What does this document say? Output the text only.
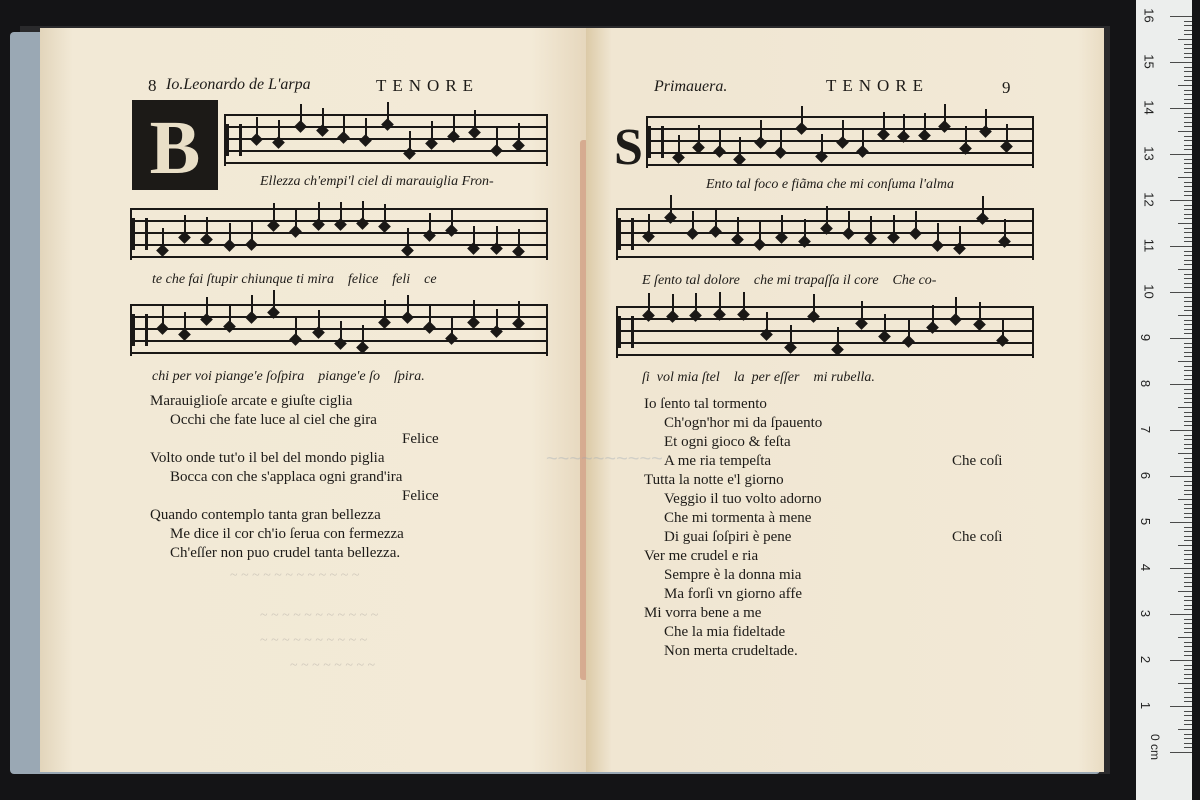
8 Io.Leonardo de L'arpa	TENORE
B	Ellezza ch'empi'l ciel di marauiglia Fron-
te che fai ſtupir chiunque ti mira    felice    feli    ce
chi per voi piange'e ſoſpira    piange'e ſo    ſpira.
Marauiglioſe arcate e giuſte ciglia
Occhi che fate luce al ciel che gira
Felice
Volto onde tut'o il bel del mondo piglia
Bocca con che s'applaca ogni grand'ira
Felice
Quando contemplo tanta gran bellezza
Me dice il cor ch'io ſerua con fermezza
Ch'eſſer non puo crudel tanta bellezza.
~ ~ ~ ~ ~ ~ ~ ~ ~ ~ ~ ~
~ ~ ~ ~ ~ ~ ~ ~ ~ ~ ~
~ ~ ~ ~ ~ ~ ~ ~ ~ ~
~ ~ ~ ~ ~ ~ ~ ~
Primauera.	TENORE	9
S
Ento tal foco e fiãma che mi conſuma l'alma
E ſento tal dolore    che mi trapaſſa il core    Che co-
ſi  vol mia ſtel    la  per eſſer    mi rubella.
Io ſento tal tormento
Ch'ogn'hor mi da ſpauento
Et ogni gioco & feſta
A me ria tempeſta	Che coſi
Tutta la notte e'l giorno
Veggio il tuo volto adorno
Che mi tormenta à mene
Di guai ſoſpiri è pene	Che coſi
Ver me crudel e ria
Sempre è la donna mia
Ma forſi vn giorno affe
Mi vorra bene a me
Che la mia fideltade
Non merta crudeltade.
~~~~~~~~~~
0 cm
1
2
3
4
5
6
7
8
9
10
11
12
13
14
15
16
